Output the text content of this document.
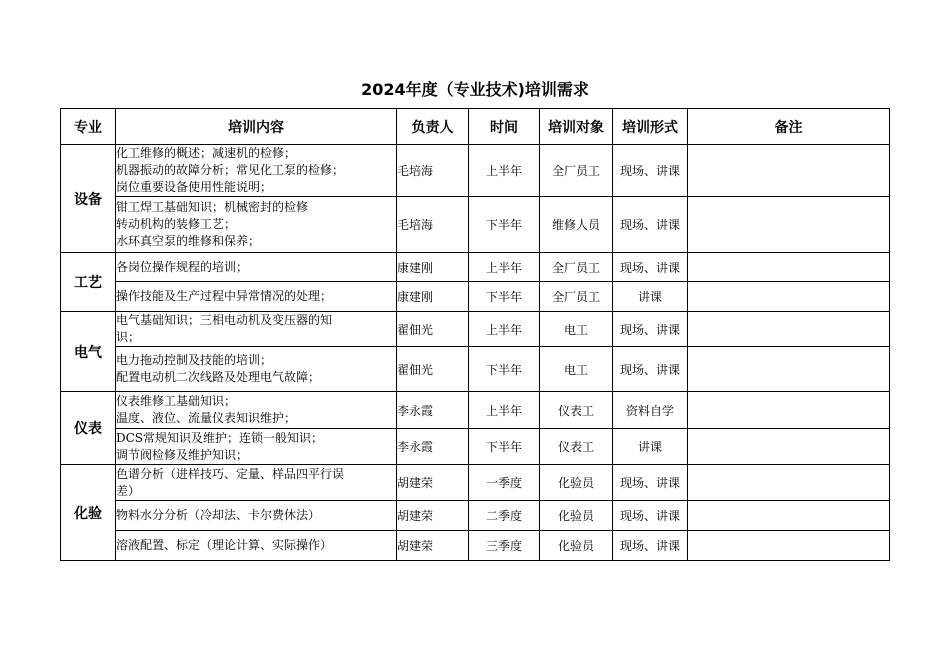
2024年度（专业技术)培训需求
专业	培训内容	负责人	时间	培训对象	培训形式	备注
设备	化工维修的概述；减速机的检修；
机器振动的故障分析；常见化工泵的检修；
岗位重要设备使用性能说明；	毛培海	上半年	全厂员工	现场、讲课	

	钳工焊工基础知识；机械密封的检修
转动机构的装修工艺；
水环真空泵的维修和保养；	毛培海	下半年	维修人员	现场、讲课	
工艺	各岗位操作规程的培训；	康建刚	上半年	全厂员工	现场、讲课	

	操作技能及生产过程中异常情况的处理；	康建刚	下半年	全厂员工	讲课	
电气	电气基础知识；三相电动机及变压器的知
识；	翟佃光	上半年	电工	现场、讲课	

	电力拖动控制及技能的培训；
配置电动机二次线路及处理电气故障；	翟佃光	下半年	电工	现场、讲课	
仪表	仪表维修工基础知识；
温度、液位、流量仪表知识维护；	李永霞	上半年	仪表工	资料自学	

	DCS常规知识及维护；连锁一般知识；
调节阀检修及维护知识；	李永霞	下半年	仪表工	讲课	
化验	色谱分析（进样技巧、定量、样品四平行误
差）	胡建荣	一季度	化验员	现场、讲课	

	物料水分分析（冷却法、卡尔费休法）	胡建荣	二季度	化验员	现场、讲课	

	溶液配置、标定（理论计算、实际操作）	胡建荣	三季度	化验员	现场、讲课	
